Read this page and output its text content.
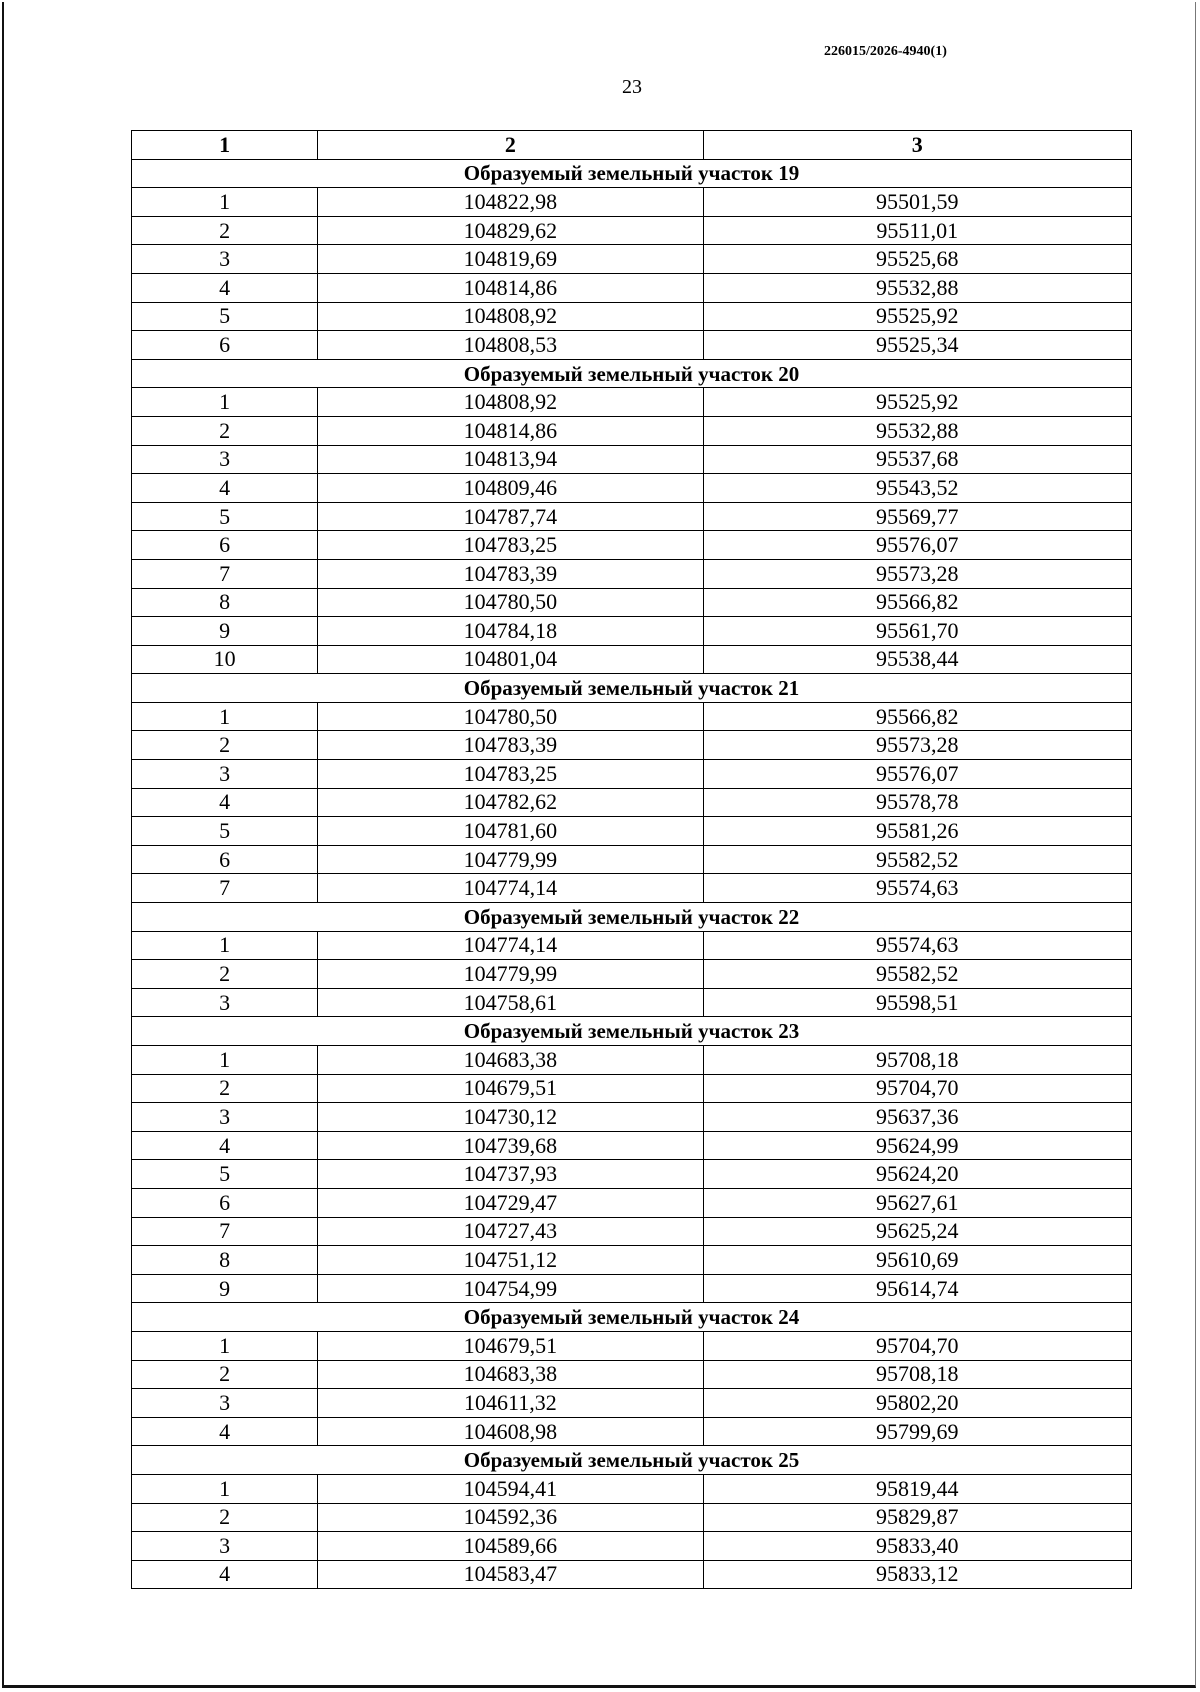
226015/2026-4940(1)
23
1	2	3
Образуемый земельный участок 19		
1	104822,98	95501,59
2	104829,62	95511,01
3	104819,69	95525,68
4	104814,86	95532,88
5	104808,92	95525,92
6	104808,53	95525,34
Образуемый земельный участок 20		
1	104808,92	95525,92
2	104814,86	95532,88
3	104813,94	95537,68
4	104809,46	95543,52
5	104787,74	95569,77
6	104783,25	95576,07
7	104783,39	95573,28
8	104780,50	95566,82
9	104784,18	95561,70
10	104801,04	95538,44
Образуемый земельный участок 21		
1	104780,50	95566,82
2	104783,39	95573,28
3	104783,25	95576,07
4	104782,62	95578,78
5	104781,60	95581,26
6	104779,99	95582,52
7	104774,14	95574,63
Образуемый земельный участок 22		
1	104774,14	95574,63
2	104779,99	95582,52
3	104758,61	95598,51
Образуемый земельный участок 23		
1	104683,38	95708,18
2	104679,51	95704,70
3	104730,12	95637,36
4	104739,68	95624,99
5	104737,93	95624,20
6	104729,47	95627,61
7	104727,43	95625,24
8	104751,12	95610,69
9	104754,99	95614,74
Образуемый земельный участок 24		
1	104679,51	95704,70
2	104683,38	95708,18
3	104611,32	95802,20
4	104608,98	95799,69
Образуемый земельный участок 25		
1	104594,41	95819,44
2	104592,36	95829,87
3	104589,66	95833,40
4	104583,47	95833,12
